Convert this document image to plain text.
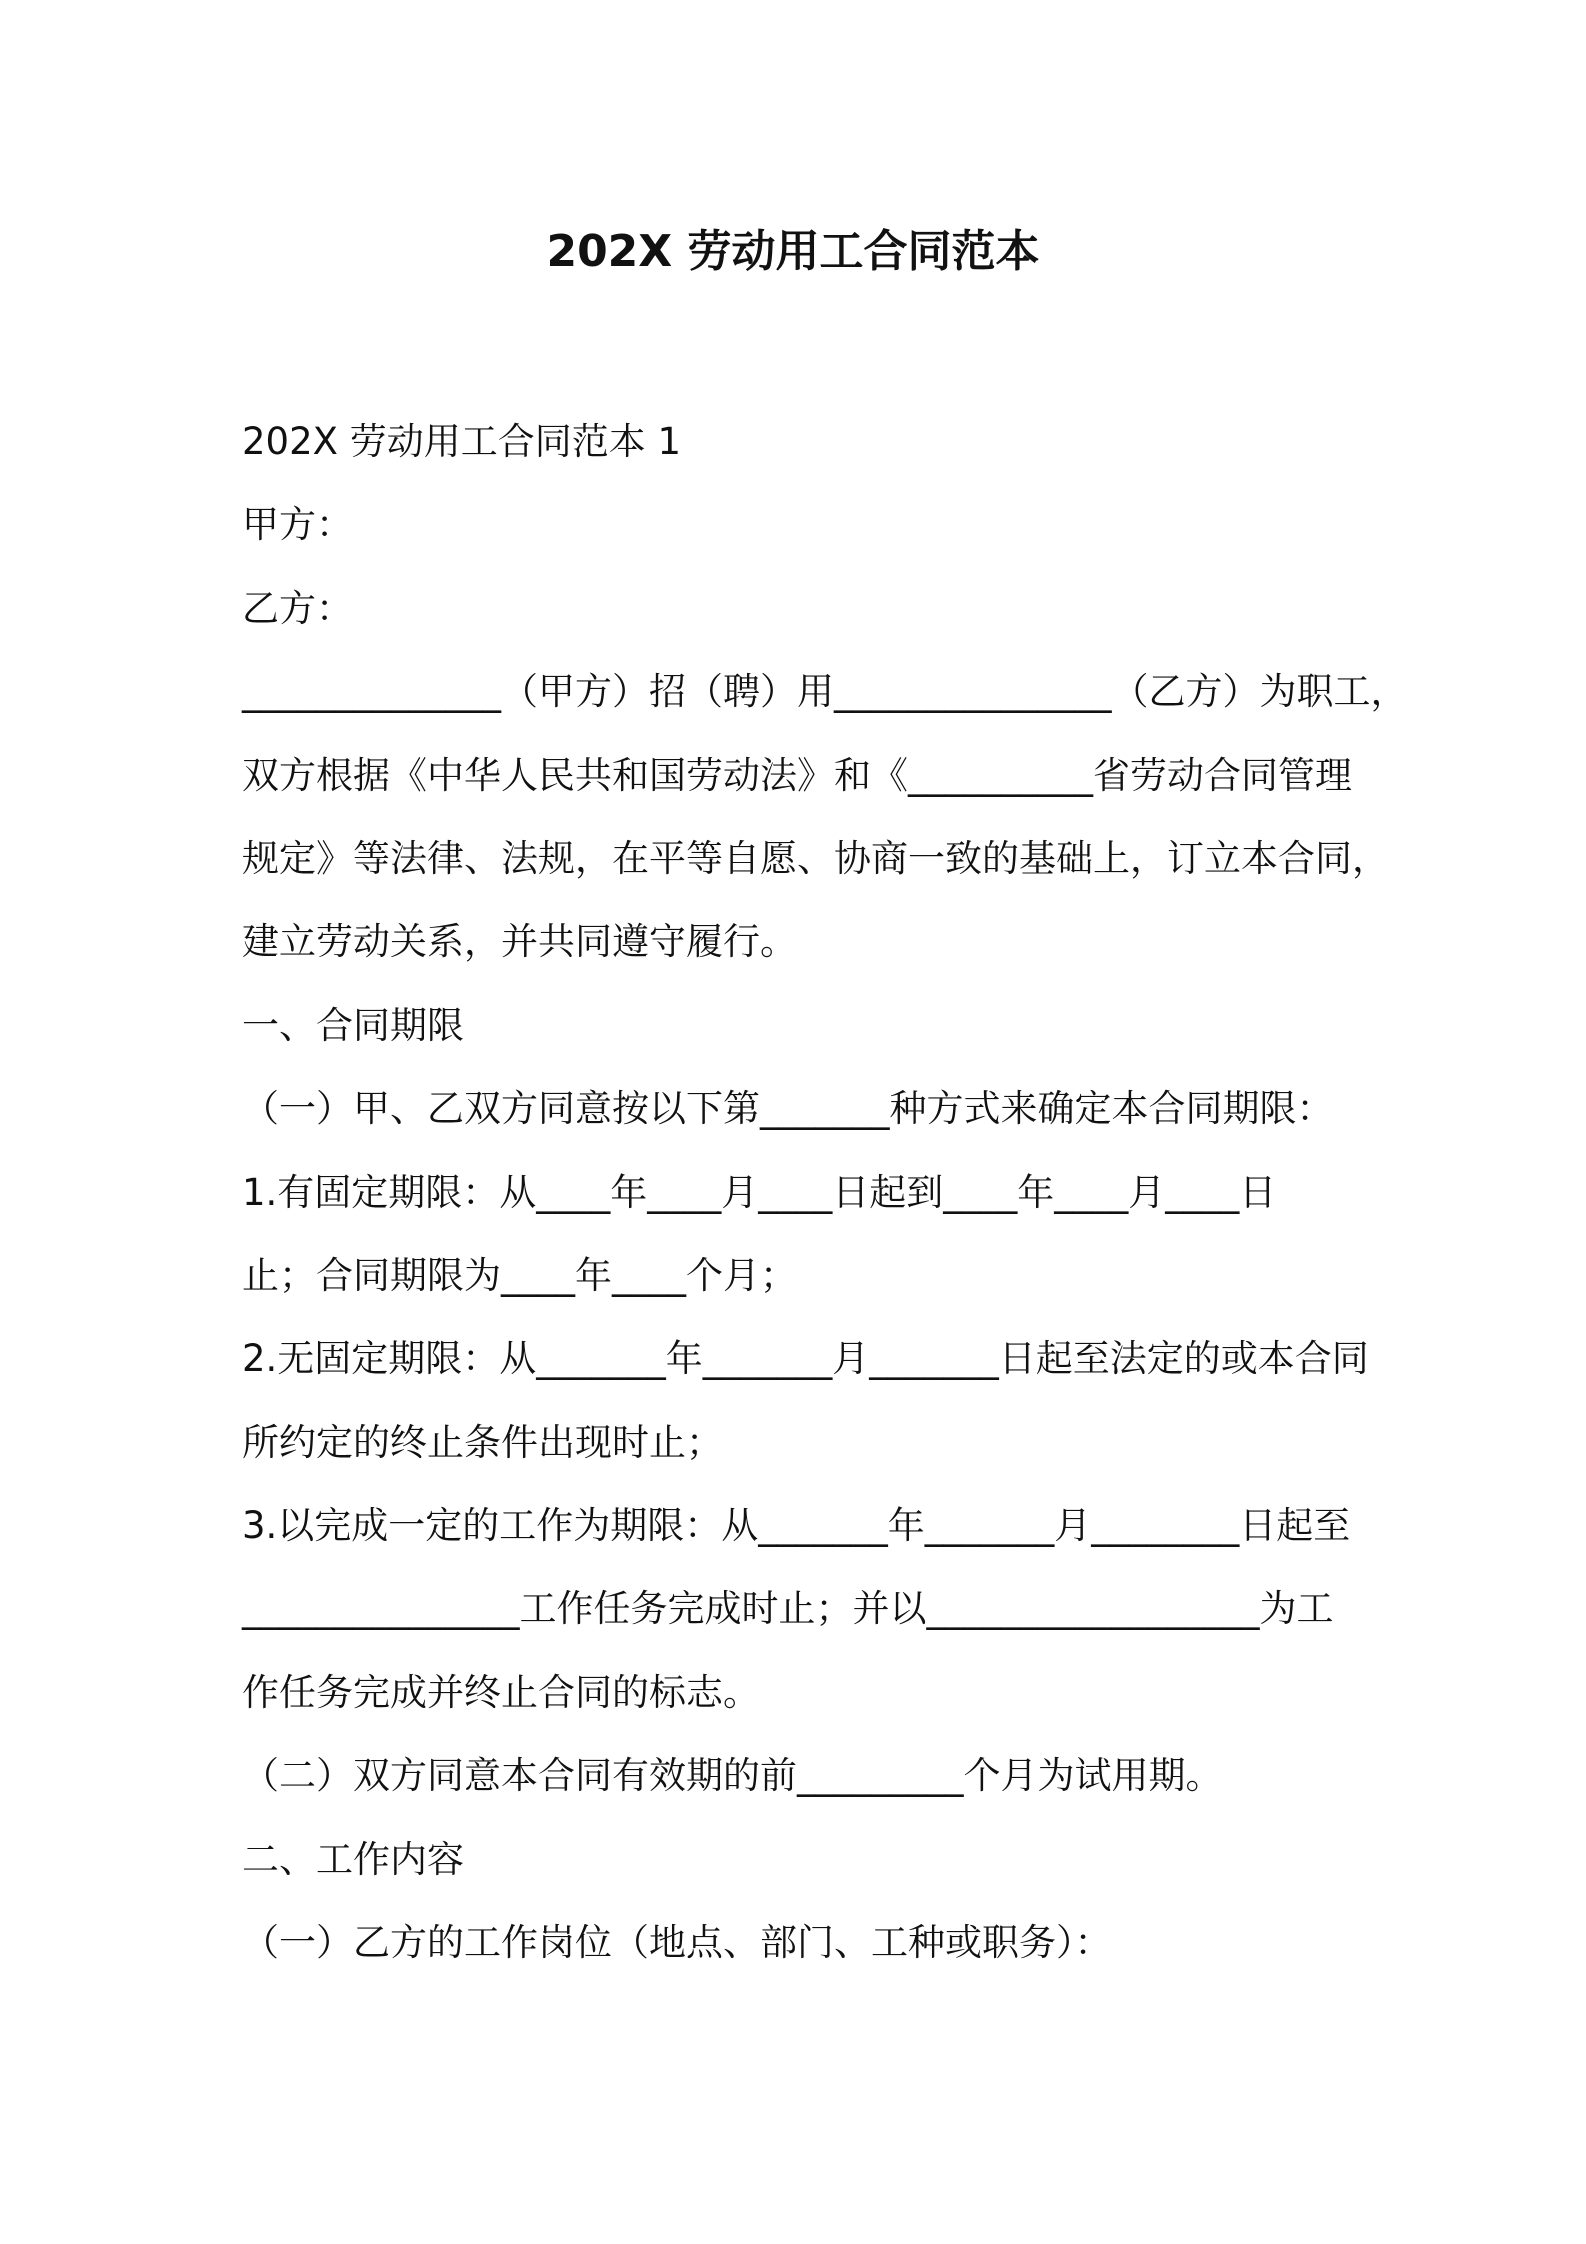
202X 劳动用工合同范本
202X 劳动用工合同范本 1
甲方：
乙方：
______________（甲方）招（聘）用_______________（乙方）为职工，
双方根据《中华人民共和国劳动法》和《__________省劳动合同管理
规定》等法律、法规，在平等自愿、协商一致的基础上，订立本合同，
建立劳动关系，并共同遵守履行。
一、合同期限
（一）甲、乙双方同意按以下第_______种方式来确定本合同期限：
1.有固定期限：从____年____月____日起到____年____月____日
止；合同期限为____年____个月；
2.无固定期限：从_______年_______月_______日起至法定的或本合同
所约定的终止条件出现时止；
3.以完成一定的工作为期限：从_______年_______月________日起至
_______________工作任务完成时止；并以__________________为工
作任务完成并终止合同的标志。
（二）双方同意本合同有效期的前_________个月为试用期。
二、工作内容
（一）乙方的工作岗位（地点、部门、工种或职务）：
